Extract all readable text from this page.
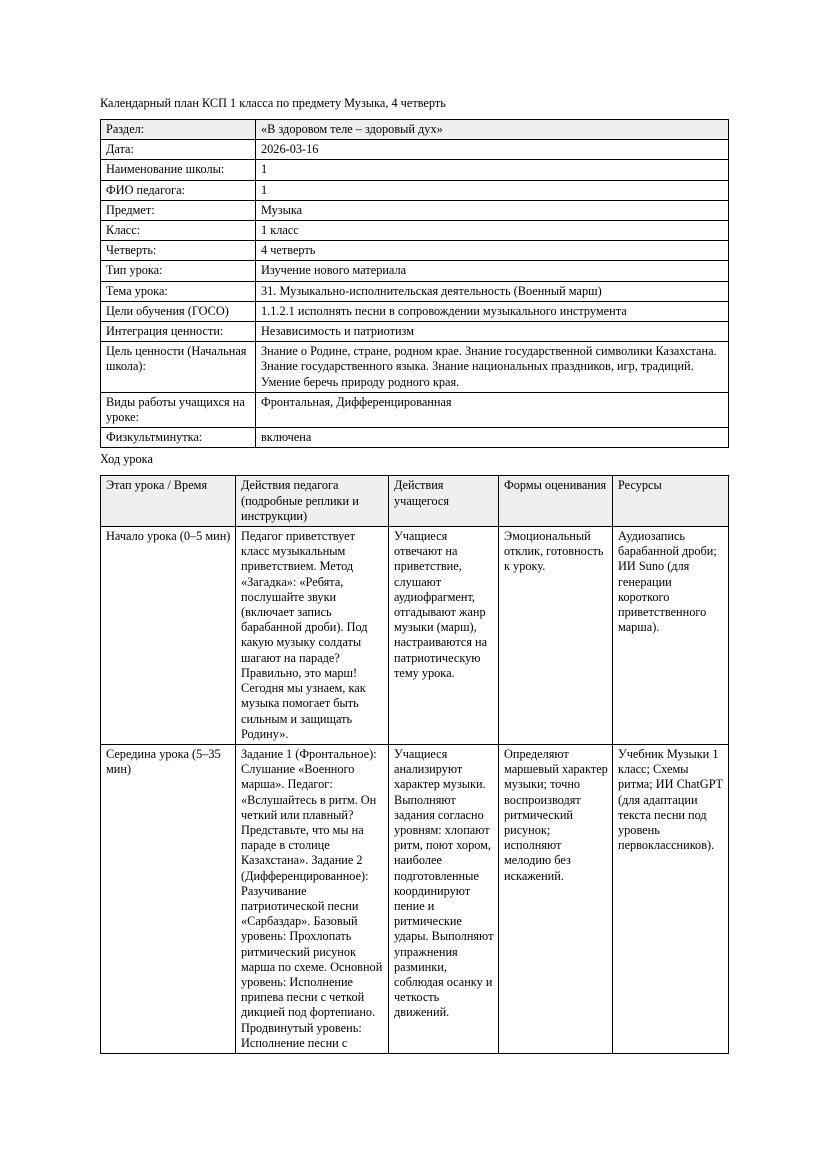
Календарный план КСП 1 класса по предмету Музыка, 4 четверть

Раздел:	«В здоровом теле – здоровый дух»
Дата:	2026-03-16
Наименование школы:	1
ФИО педагога:	1
Предмет:	Музыка
Класс:	1 класс
Четверть:	4 четверть
Тип урока:	Изучение нового материала
Тема урока:	31. Музыкально-исполнительская деятельность (Военный марш)
Цели обучения (ГОСО)	1.1.2.1 исполнять песни в сопровождении музыкального инструмента
Интеграция ценности:	Независимость и патриотизм
Цель ценности (Начальная школа):	Знание о Родине, стране, родном крае. Знание государственной символики Казахстана. Знание государственного языка. Знание национальных праздников, игр, традиций. Умение беречь природу родного края.
Виды работы учащихся на уроке:	Фронтальная, Дифференцированная
Физкультминутка:	включена

Ход урока

Этап урока / Время	Действия педагога (подробные реплики и инструкции)	Действия учащегося	Формы оценивания	Ресурсы
Начало урока (0–5 мин)	Педагог приветствует класс музыкальным приветствием. Метод «Загадка»: «Ребята, послушайте звуки (включает запись барабанной дроби). Под какую музыку солдаты шагают на параде? Правильно, это марш! Сегодня мы узнаем, как музыка помогает быть сильным и защищать Родину».	Учащиеся отвечают на приветствие, слушают аудиофрагмент, отгадывают жанр музыки (марш), настраиваются на патриотическую тему урока.	Эмоциональный отклик, готовность к уроку.	Аудиозапись барабанной дроби; ИИ Suno (для генерации короткого приветственного марша).
Середина урока (5–35 мин)	Задание 1 (Фронтальное): Слушание «Военного марша». Педагог: «Вслушайтесь в ритм. Он четкий или плавный? Представьте, что мы на параде в столице Казахстана». Задание 2 (Дифференцированное): Разучивание патриотической песни «Сарбаздар». Базовый уровень: Прохлопать ритмический рисунок марша по схеме. Основной уровень: Исполнение припева песни с четкой дикцией под фортепиано. Продвинутый уровень: Исполнение песни с	Учащиеся анализируют характер музыки. Выполняют задания согласно уровням: хлопают ритм, поют хором, наиболее подготовленные координируют пение и ритмические удары. Выполняют упражнения разминки, соблюдая осанку и четкость движений.	Определяют маршевый характер музыки; точно воспроизводят ритмический рисунок; исполняют мелодию без искажений.	Учебник Музыки 1 класс; Схемы ритма; ИИ ChatGPT (для адаптации текста песни под уровень первоклассников).
